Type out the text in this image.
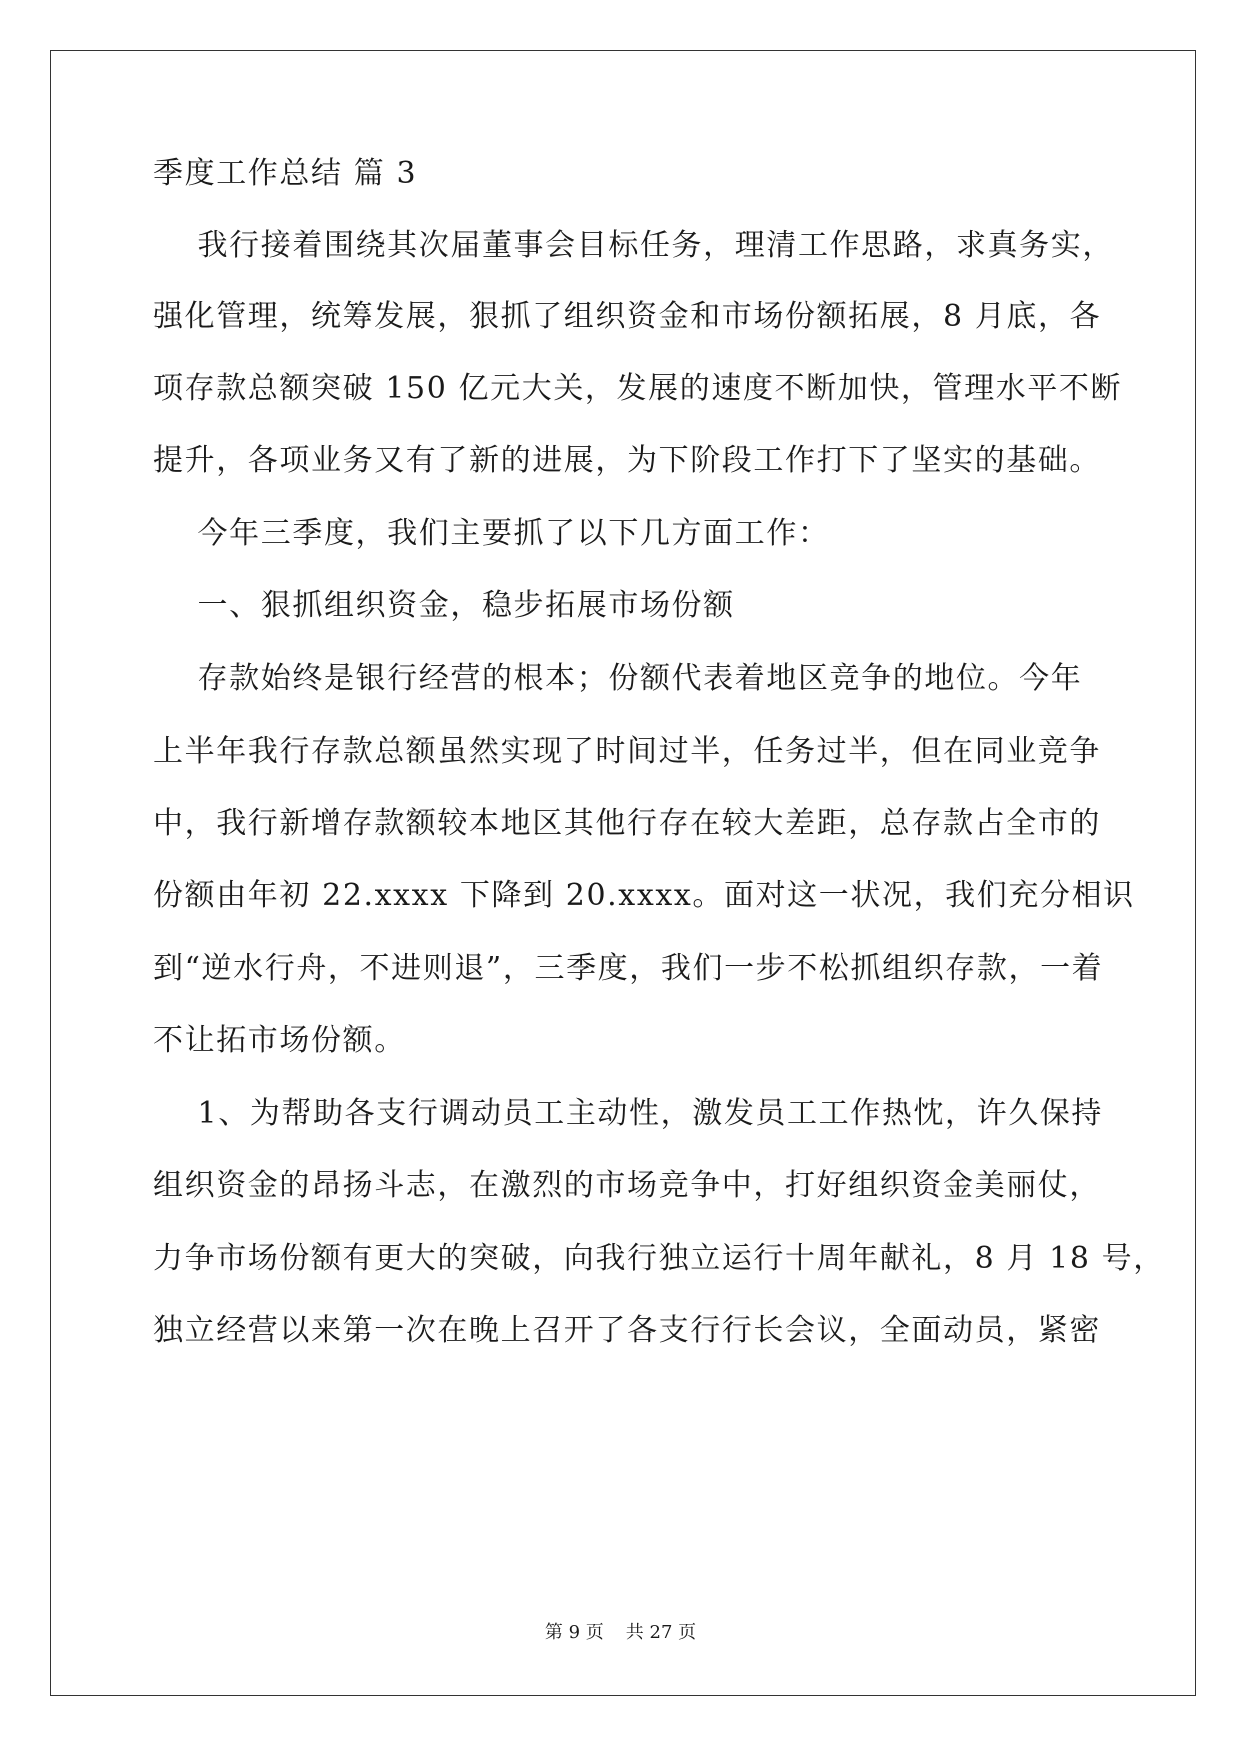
季度工作总结 篇 3
我行接着围绕其次届董事会目标任务，理清工作思路，求真务实，
强化管理，统筹发展，狠抓了组织资金和市场份额拓展，8 月底，各
项存款总额突破 150 亿元大关，发展的速度不断加快，管理水平不断
提升，各项业务又有了新的进展，为下阶段工作打下了坚实的基础。
今年三季度，我们主要抓了以下几方面工作：
一、狠抓组织资金，稳步拓展市场份额
存款始终是银行经营的根本；份额代表着地区竞争的地位。今年
上半年我行存款总额虽然实现了时间过半，任务过半，但在同业竞争
中，我行新增存款额较本地区其他行存在较大差距，总存款占全市的
份额由年初 22.xxxx 下降到 20.xxxx。面对这一状况，我们充分相识
到“逆水行舟，不进则退”，三季度，我们一步不松抓组织存款，一着
不让拓市场份额。
1、为帮助各支行调动员工主动性，激发员工工作热忱，许久保持
组织资金的昂扬斗志，在激烈的市场竞争中，打好组织资金美丽仗，
力争市场份额有更大的突破，向我行独立运行十周年献礼，8 月 18 号，
独立经营以来第一次在晚上召开了各支行行长会议，全面动员，紧密
第 9 页 共 27 页
